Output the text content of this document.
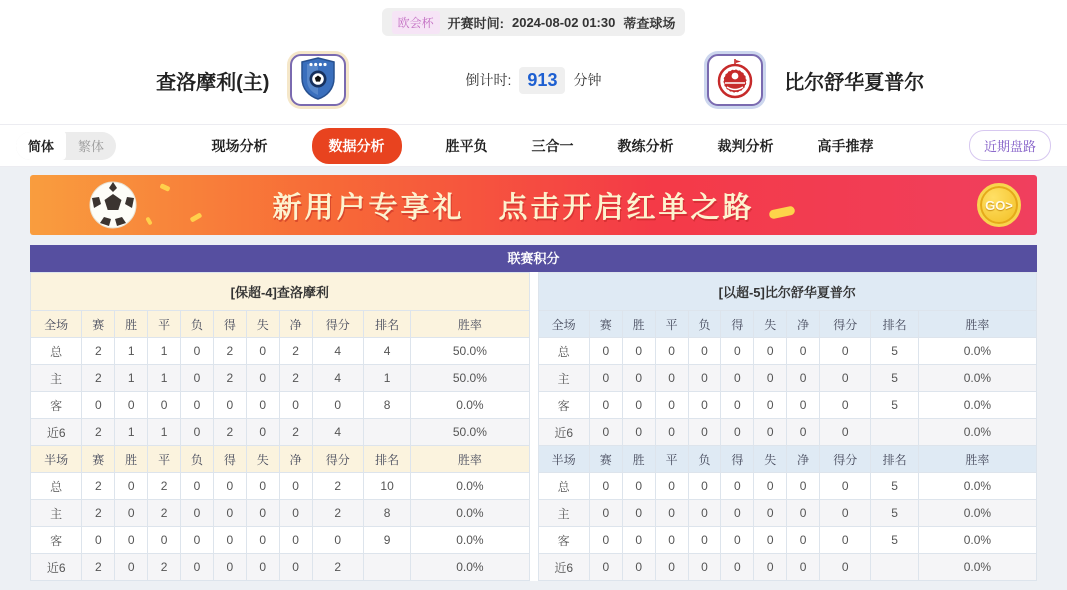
欧会杯	开赛时间: 2024-08-02 01:30 蒂查球场
查洛摩利(主)	倒计时: 913	分钟	比尔舒华夏普尔
简体	繁体	现场分析	数据分析	胜平负	三合一	教练分析	裁判分析	高手推荐	近期盘路
新用户专享礼 点击开启红单之路	GO>
联赛积分
[保超-4]查洛摩利										
全场	赛	胜	平	负	得	失	净	得分	排名	胜率
总	2	1	1	0	2	0	2	4	4	50.0%
主	2	1	1	0	2	0	2	4	1	50.0%
客	0	0	0	0	0	0	0	0	8	0.0%
近6	2	1	1	0	2	0	2	4		50.0%
半场	赛	胜	平	负	得	失	净	得分	排名	胜率
总	2	0	2	0	0	0	0	2	10	0.0%
主	2	0	2	0	0	0	0	2	8	0.0%
客	0	0	0	0	0	0	0	0	9	0.0%
近6	2	0	2	0	0	0	0	2		0.0%
[以超-5]比尔舒华夏普尔										
全场	赛	胜	平	负	得	失	净	得分	排名	胜率
总	0	0	0	0	0	0	0	0	5	0.0%
主	0	0	0	0	0	0	0	0	5	0.0%
客	0	0	0	0	0	0	0	0	5	0.0%
近6	0	0	0	0	0	0	0	0		0.0%
半场	赛	胜	平	负	得	失	净	得分	排名	胜率
总	0	0	0	0	0	0	0	0	5	0.0%
主	0	0	0	0	0	0	0	0	5	0.0%
客	0	0	0	0	0	0	0	0	5	0.0%
近6	0	0	0	0	0	0	0	0		0.0%
